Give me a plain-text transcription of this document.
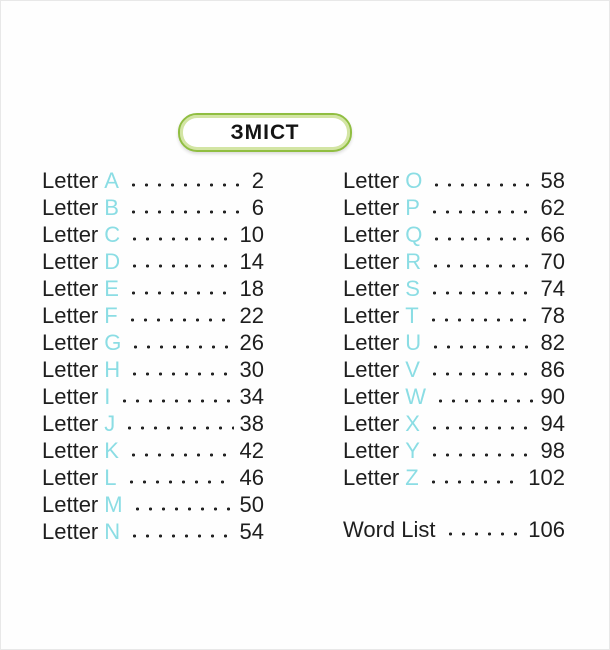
ЗМІСТ
Letter A	2
Letter B	6
Letter C	10
Letter D	14
Letter E	18
Letter F	22
Letter G	26
Letter H	30
Letter I	34
Letter J	38
Letter K	42
Letter L	46
Letter M	50
Letter N	54
Letter O	58
Letter P	62
Letter Q	66
Letter R	70
Letter S	74
Letter T	78
Letter U	82
Letter V	86
Letter W	90
Letter X	94
Letter Y	98
Letter Z	102
Word List	106
